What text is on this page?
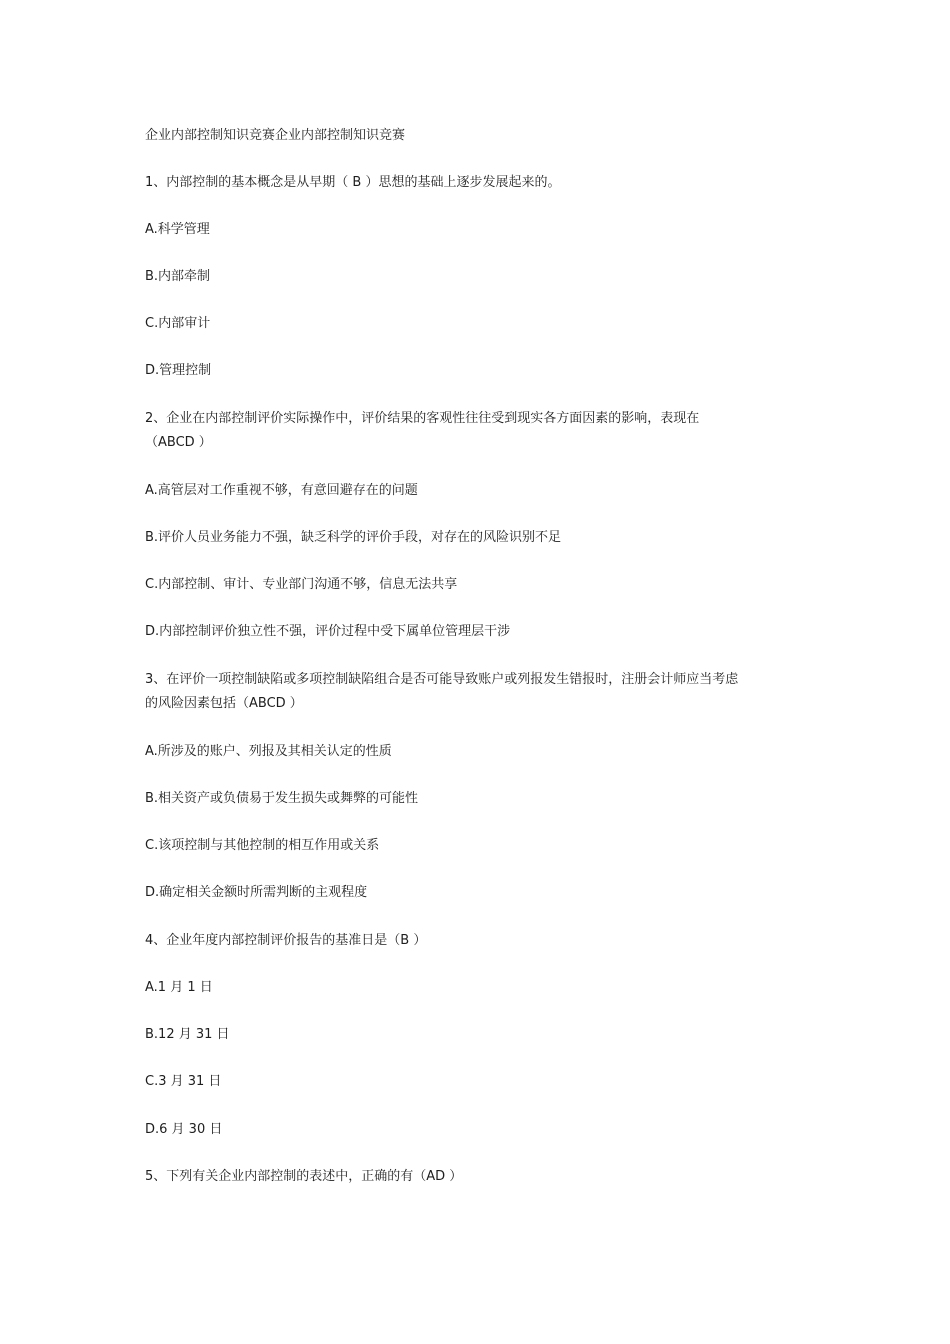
企业内部控制知识竞赛企业内部控制知识竞赛
1、内部控制的基本概念是从早期（ B ）思想的基础上逐步发展起来的。
A.科学管理
B.内部牵制
C.内部审计
D.管理控制
2、企业在内部控制评价实际操作中，评价结果的客观性往往受到现实各方面因素的影响，表现在
（ABCD ）
A.高管层对工作重视不够，有意回避存在的问题
B.评价人员业务能力不强，缺乏科学的评价手段，对存在的风险识别不足
C.内部控制、审计、专业部门沟通不够，信息无法共享
D.内部控制评价独立性不强，评价过程中受下属单位管理层干涉
3、在评价一项控制缺陷或多项控制缺陷组合是否可能导致账户或列报发生错报时，注册会计师应当考虑
的风险因素包括（ABCD ）
A.所涉及的账户、列报及其相关认定的性质
B.相关资产或负债易于发生损失或舞弊的可能性
C.该项控制与其他控制的相互作用或关系
D.确定相关金额时所需判断的主观程度
4、企业年度内部控制评价报告的基准日是（B ）
A.1 月 1 日
B.12 月 31 日
C.3 月 31 日
D.6 月 30 日
5、下列有关企业内部控制的表述中，正确的有（AD ）
